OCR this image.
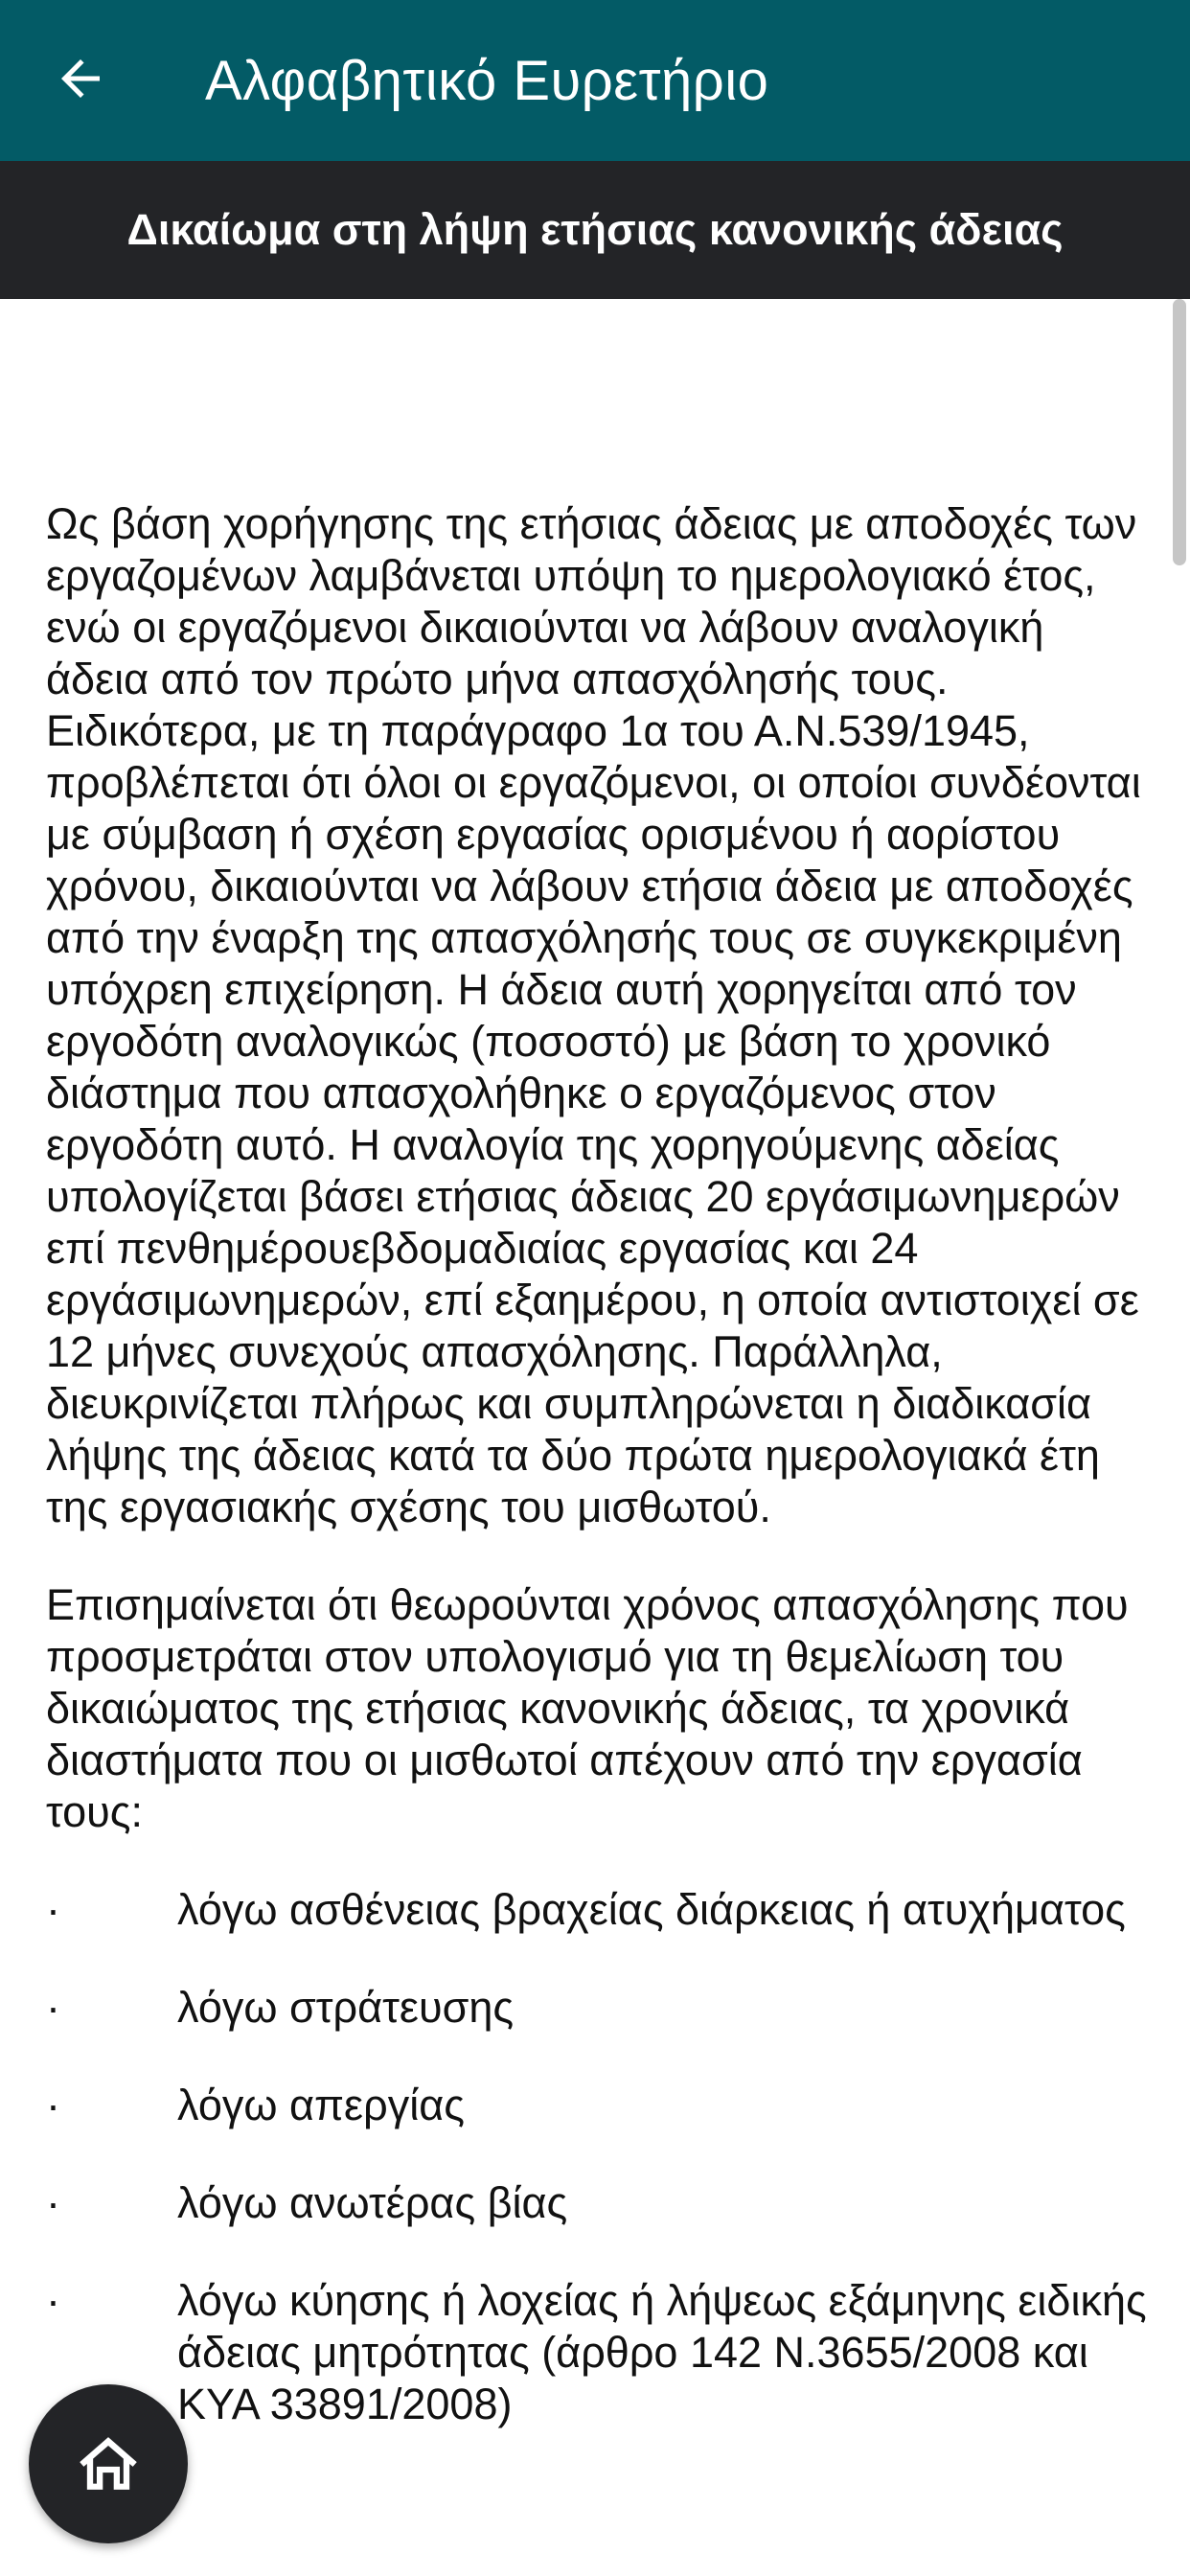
Αλφαβητικό Ευρετήριο
Δικαίωμα στη λήψη ετήσιας κανονικής άδειας

Ως βάση χορήγησης της ετήσιας άδειας με αποδοχές των εργαζομένων λαμβάνεται υπόψη το ημερολογιακό έτος, ενώ οι εργαζόμενοι δικαιούνται να λάβουν αναλογική άδεια από τον πρώτο μήνα απασχόλησής τους. Ειδικότερα, με τη παράγραφο 1α του Α.Ν.539/1945, προβλέπεται ότι όλοι οι εργαζόμενοι, οι οποίοι συνδέονται με σύμβαση ή σχέση εργασίας ορισμένου ή αορίστου χρόνου, δικαιούνται να λάβουν ετήσια άδεια με αποδοχές από την έναρξη της απασχόλησής τους σε συγκεκριμένη υπόχρεη επιχείρηση. Η άδεια αυτή χορηγείται από τον εργοδότη αναλογικώς (ποσοστό) με βάση το χρονικό διάστημα που απασχολήθηκε ο εργαζόμενος στον εργοδότη αυτό. Η αναλογία της χορηγούμενης αδείας υπολογίζεται βάσει ετήσιας άδειας 20 εργάσιμωνημερών επί πενθημέρουεβδομαδιαίας εργασίας και 24 εργάσιμωνημερών, επί εξαημέρου, η οποία αντιστοιχεί σε 12 μήνες συνεχούς απασχόλησης. Παράλληλα, διευκρινίζεται πλήρως και συμπληρώνεται η διαδικασία λήψης της άδειας κατά τα δύο πρώτα ημερολογιακά έτη της εργασιακής σχέσης του μισθωτού.

Επισημαίνεται ότι θεωρούνται χρόνος απασχόλησης που προσμετράται στον υπολογισμό για τη θεμελίωση του δικαιώματος της ετήσιας κανονικής άδειας, τα χρονικά διαστήματα που οι μισθωτοί απέχουν από την εργασία τους:

·	λόγω ασθένειας βραχείας διάρκειας ή ατυχήματος
·	λόγω στράτευσης
·	λόγω απεργίας
·	λόγω ανωτέρας βίας
·	λόγω κύησης ή λοχείας ή λήψεως εξάμηνης ειδικής άδειας μητρότητας (άρθρο 142 Ν.3655/2008 και ΚΥΑ 33891/2008)
